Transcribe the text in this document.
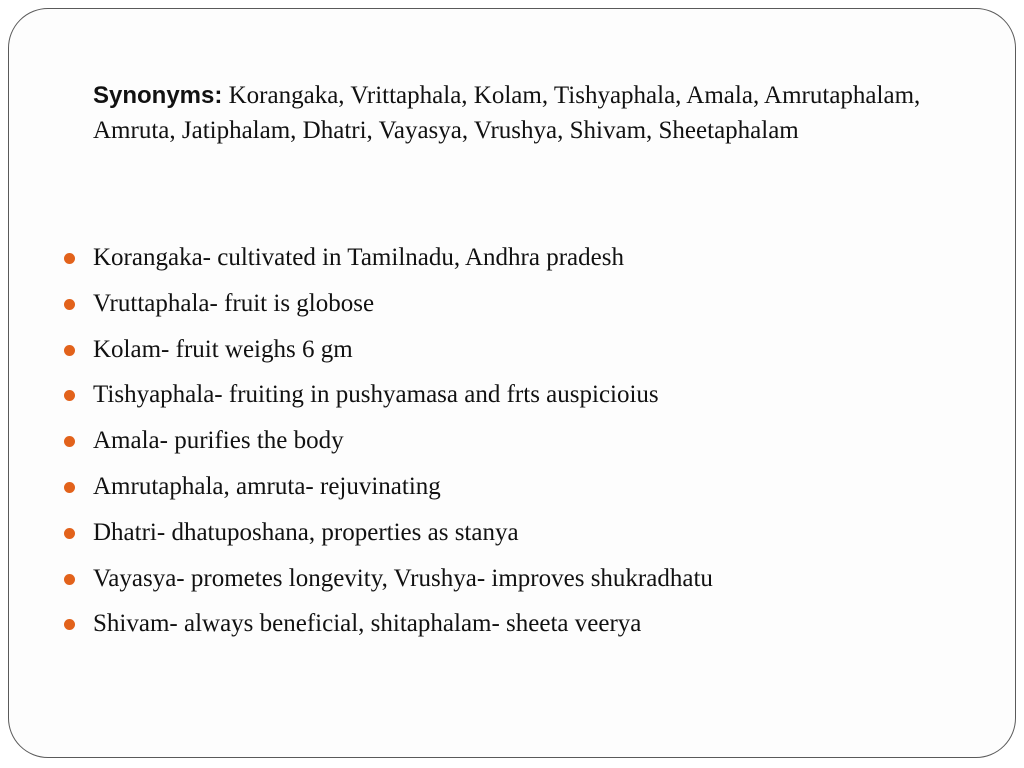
Synonyms: Korangaka, Vrittaphala, Kolam, Tishyaphala, Amala, Amrutaphalam, Amruta, Jatiphalam, Dhatri, Vayasya, Vrushya, Shivam, Sheetaphalam

Korangaka- cultivated in Tamilnadu, Andhra pradesh
Vruttaphala- fruit is globose
Kolam- fruit weighs 6 gm
Tishyaphala- fruiting in pushyamasa and frts auspicioius
Amala- purifies the body
Amrutaphala, amruta- rejuvinating
Dhatri- dhatuposhana, properties as stanya
Vayasya- prometes longevity, Vrushya- improves shukradhatu
Shivam- always beneficial, shitaphalam- sheeta veerya
